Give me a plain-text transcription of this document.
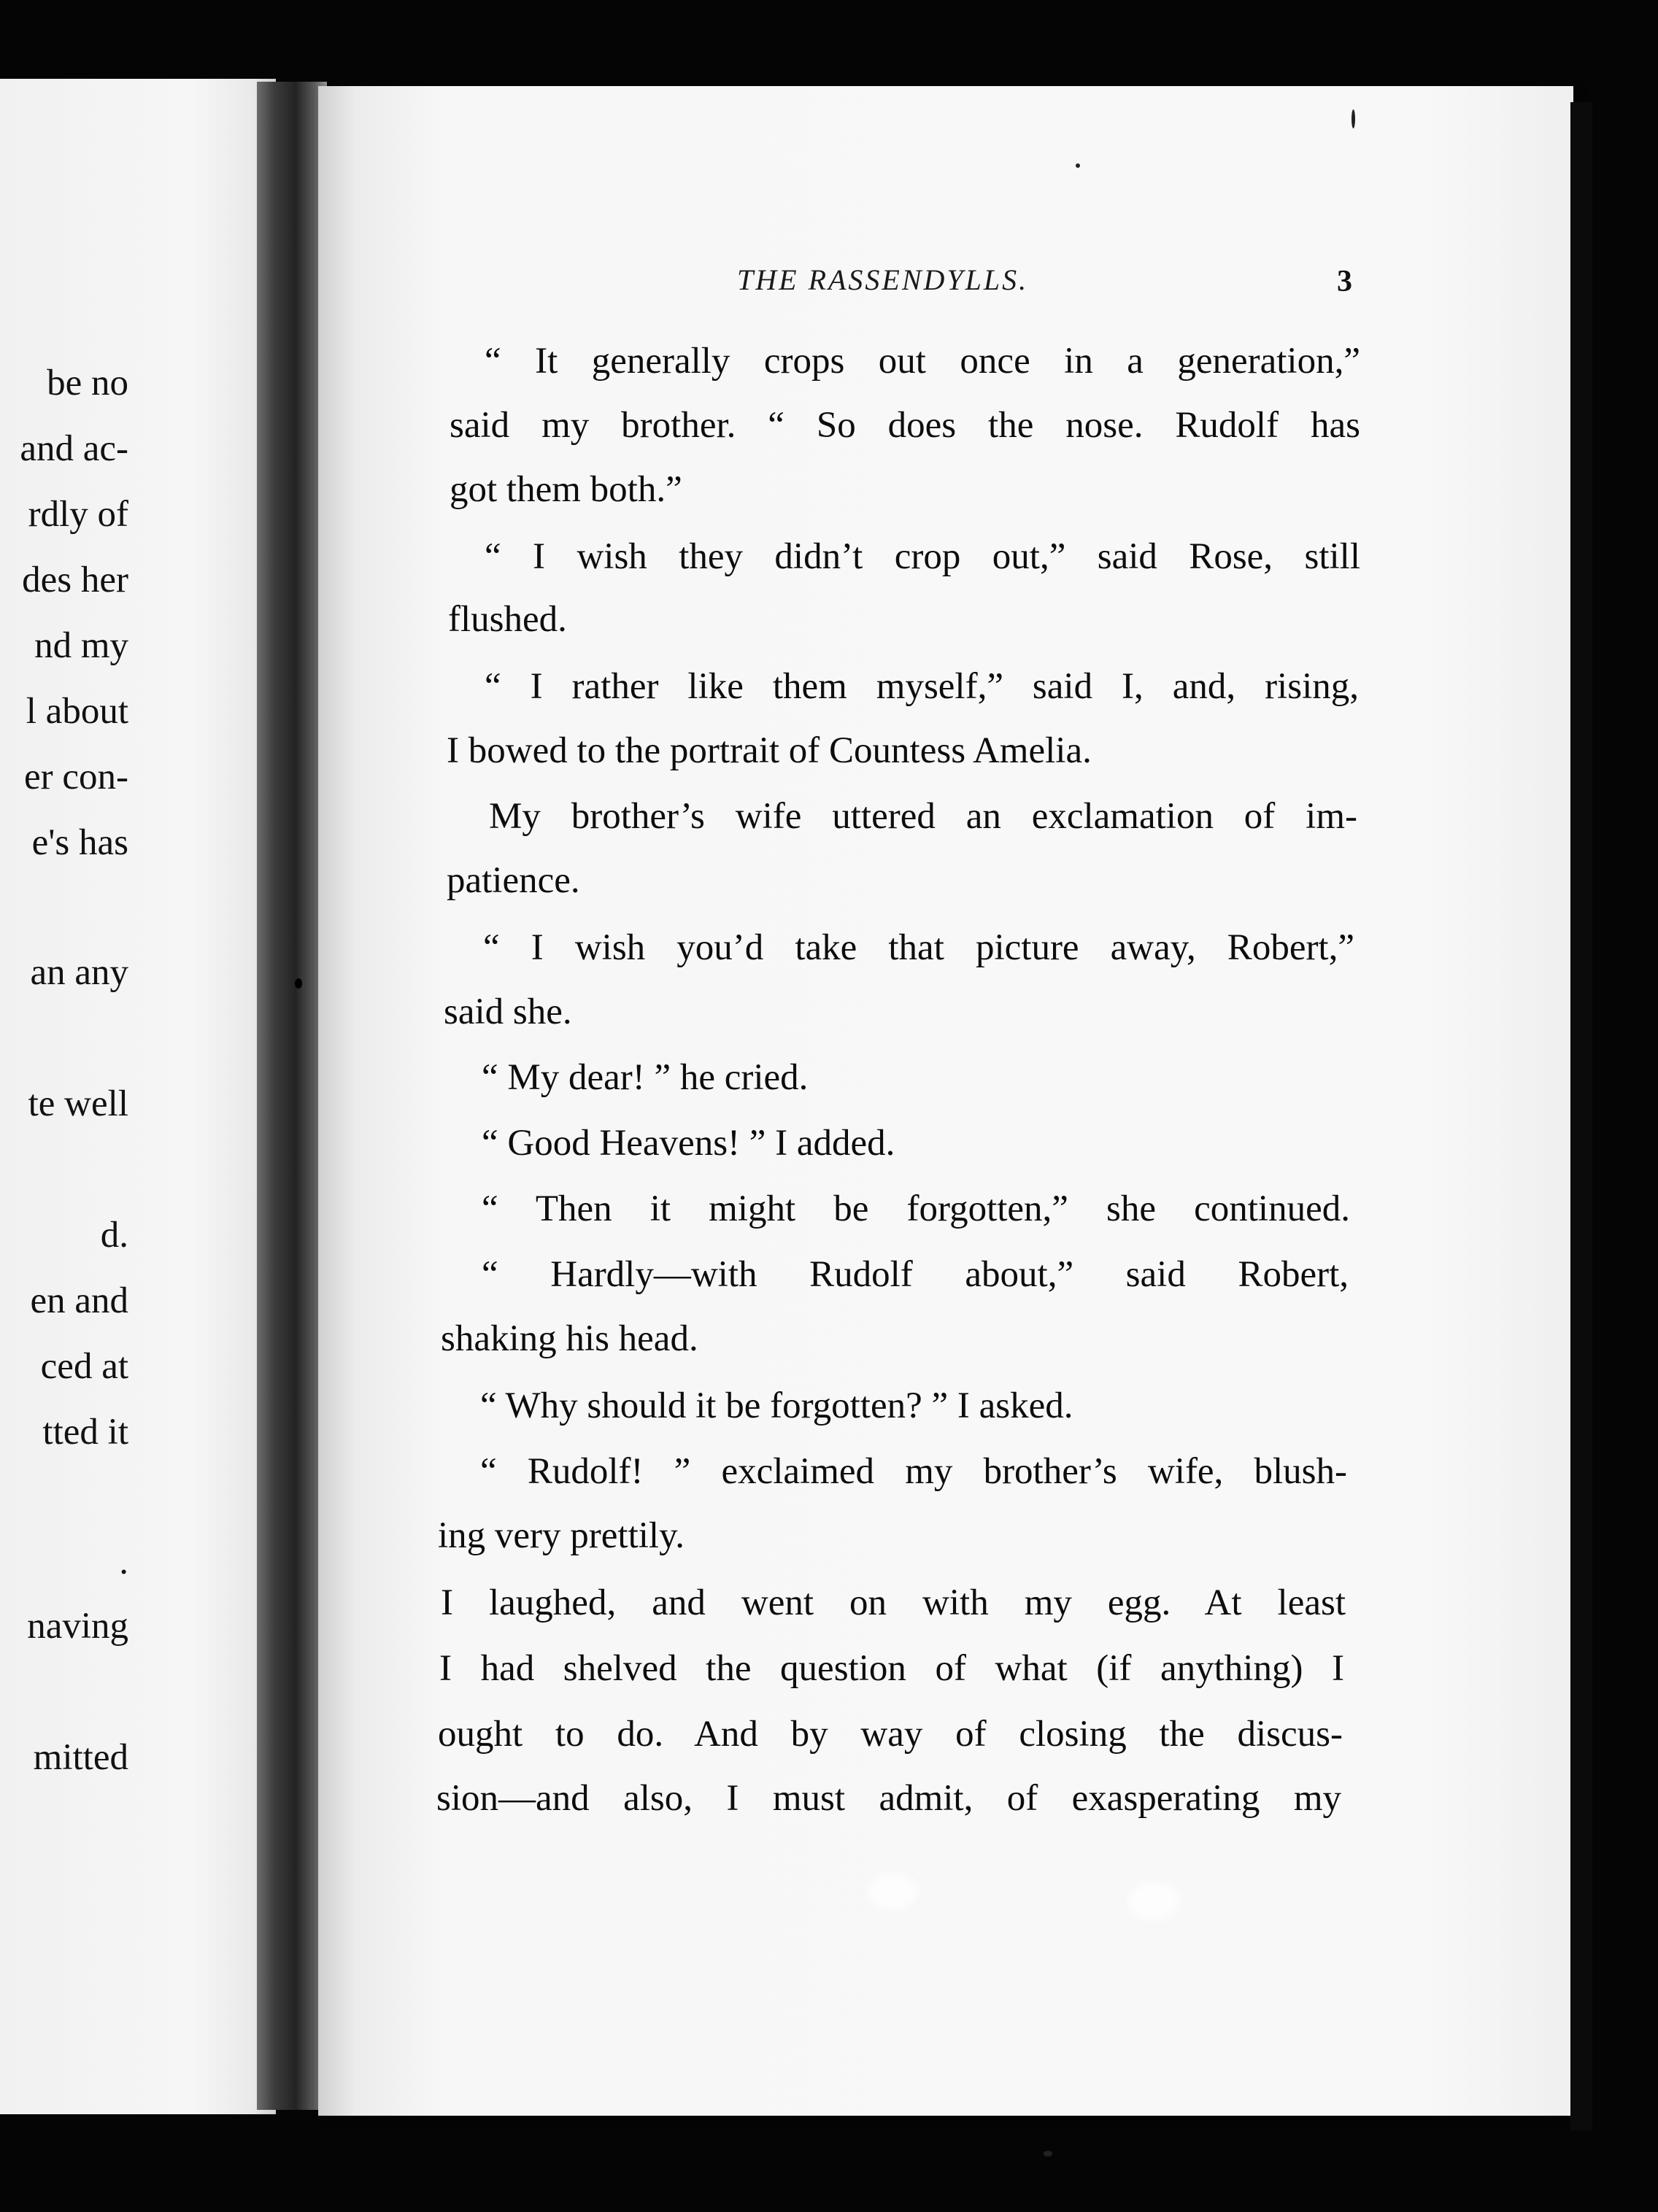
be no
and ac-
rdly of
des her
nd my
l about
er con-
e's has
an any
te well
d.
en and
ced at
tted it
.
naving
mitted
THE RASSENDYLLS.	3
“ It generally crops out once in a generation,”
said my brother. “ So does the nose. Rudolf has
got them both.”
“ I wish they didn’t crop out,” said Rose, still
flushed.
“ I rather like them myself,” said I, and, rising,
I bowed to the portrait of Countess Amelia.
My brother’s wife uttered an exclamation of im-
patience.
“ I wish you’d take that picture away, Robert,”
said she.
“ My dear! ” he cried.
“ Good Heavens! ” I added.
“ Then it might be forgotten,” she continued.
“ Hardly—with Rudolf about,” said Robert,
shaking his head.
“ Why should it be forgotten? ” I asked.
“ Rudolf! ” exclaimed my brother’s wife, blush-
ing very prettily.
I laughed, and went on with my egg. At least
I had shelved the question of what (if anything) I
ought to do. And by way of closing the discus-
sion—and also, I must admit, of exasperating my
